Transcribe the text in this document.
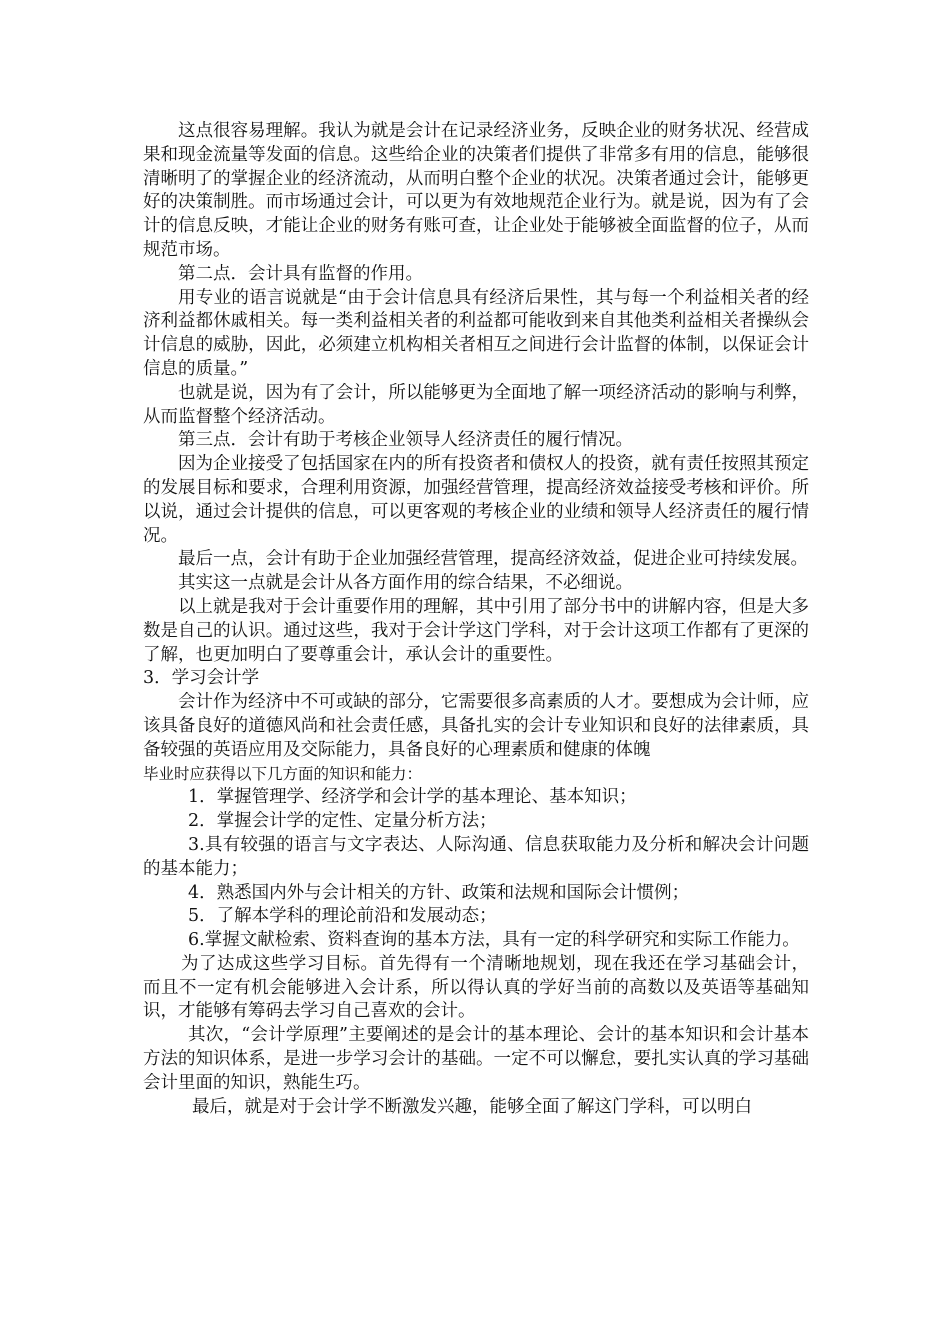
这点很容易理解。我认为就是会计在记录经济业务，反映企业的财务状况、经营成果和现金流量等发面的信息。这些给企业的决策者们提供了非常多有用的信息，能够很清晰明了的掌握企业的经济流动，从而明白整个企业的状况。决策者通过会计，能够更好的决策制胜。而市场通过会计，可以更为有效地规范企业行为。就是说，因为有了会计的信息反映，才能让企业的财务有账可查，让企业处于能够被全面监督的位子，从而规范市场。

第二点．会计具有监督的作用。

用专业的语言说就是“由于会计信息具有经济后果性，其与每一个利益相关者的经济利益都休戚相关。每一类利益相关者的利益都可能收到来自其他类利益相关者操纵会计信息的威胁，因此，必须建立机构相关者相互之间进行会计监督的体制，以保证会计信息的质量。”

也就是说，因为有了会计，所以能够更为全面地了解一项经济活动的影响与利弊，从而监督整个经济活动。

第三点．会计有助于考核企业领导人经济责任的履行情况。

因为企业接受了包括国家在内的所有投资者和债权人的投资，就有责任按照其预定的发展目标和要求，合理利用资源，加强经营管理，提高经济效益接受考核和评价。所以说，通过会计提供的信息，可以更客观的考核企业的业绩和领导人经济责任的履行情况。

最后一点，会计有助于企业加强经营管理，提高经济效益，促进企业可持续发展。

其实这一点就是会计从各方面作用的综合结果，不必细说。

以上就是我对于会计重要作用的理解，其中引用了部分书中的讲解内容，但是大多数是自己的认识。通过这些，我对于会计学这门学科，对于会计这项工作都有了更深的了解，也更加明白了要尊重会计，承认会计的重要性。

3．学习会计学

会计作为经济中不可或缺的部分，它需要很多高素质的人才。要想成为会计师，应该具备良好的道德风尚和社会责任感，具备扎实的会计专业知识和良好的法律素质，具备较强的英语应用及交际能力，具备良好的心理素质和健康的体魄

毕业时应获得以下几方面的知识和能力：

1．掌握管理学、经济学和会计学的基本理论、基本知识；

2．掌握会计学的定性、定量分析方法；

3.具有较强的语言与文字表达、人际沟通、信息获取能力及分析和解决会计问题的基本能力；

4．熟悉国内外与会计相关的方针、政策和法规和国际会计惯例；

5．了解本学科的理论前沿和发展动态；

6.掌握文献检索、资料查询的基本方法，具有一定的科学研究和实际工作能力。

为了达成这些学习目标。首先得有一个清晰地规划，现在我还在学习基础会计，而且不一定有机会能够进入会计系，所以得认真的学好当前的高数以及英语等基础知识，才能够有筹码去学习自己喜欢的会计。

其次，“会计学原理”主要阐述的是会计的基本理论、会计的基本知识和会计基本方法的知识体系，是进一步学习会计的基础。一定不可以懈怠，要扎实认真的学习基础会计里面的知识，熟能生巧。

最后，就是对于会计学不断激发兴趣，能够全面了解这门学科，可以明白
